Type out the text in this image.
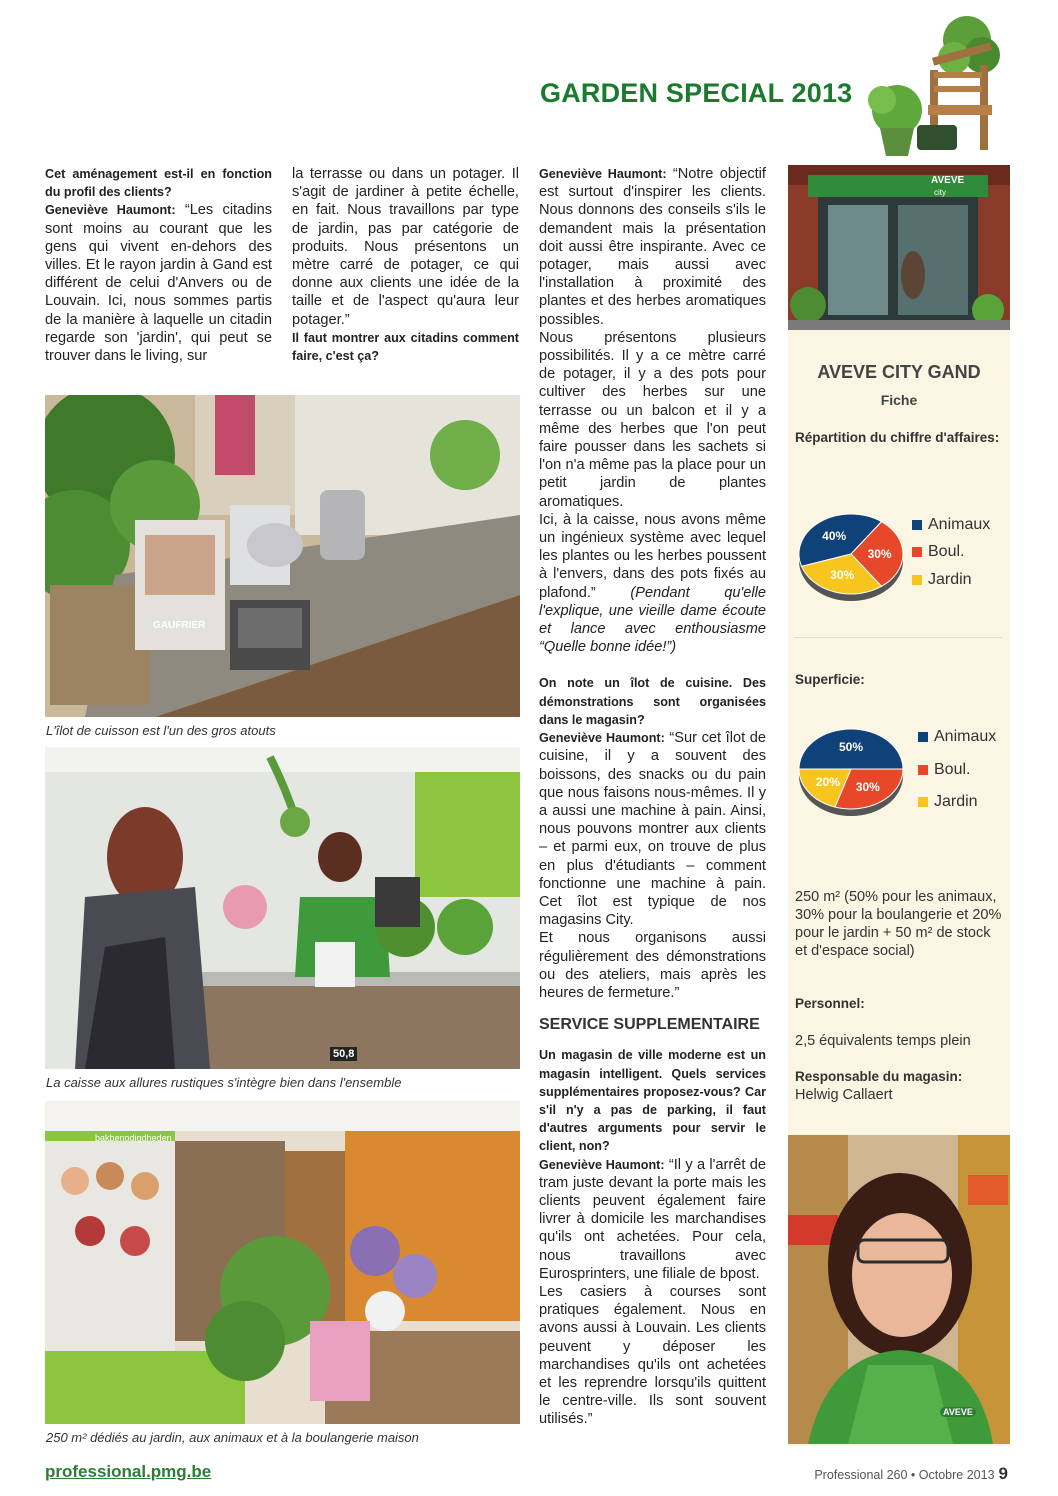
GARDEN SPECIAL 2013

Cet aménagement est-il en fonction du profil des clients?

Geneviève Haumont: “Les citadins sont moins au courant que les gens qui vivent en-dehors des villes. Et le rayon jardin à Gand est différent de celui d'Anvers ou de Louvain. Ici, nous sommes partis de la manière à laquelle un citadin regarde son 'jardin', qui peut se trouver dans le living, sur

la terrasse ou dans un potager. Il s'agit de jardiner à petite échelle, en fait. Nous travaillons par type de jardin, pas par catégorie de produits. Nous présentons un mètre carré de potager, ce qui donne aux clients une idée de la taille et de l'aspect qu'aura leur potager.”

Il faut montrer aux citadins comment faire, c'est ça?

GAUFRIER
L'îlot de cuisson est l'un des gros atouts
50,8
La caisse aux allures rustiques s'intègre bien dans l'ensemble
bakbenodigdheden
250 m² dédiés au jardin, aux animaux et à la boulangerie maison

Geneviève Haumont: “Notre objectif est surtout d'inspirer les clients. Nous donnons des conseils s'ils le demandent mais la présentation doit aussi être inspirante. Avec ce potager, mais aussi avec l'installation à proximité des plantes et des herbes aromatiques possibles.

Nous présentons plusieurs possibilités. Il y a ce mètre carré de potager, il y a des pots pour cultiver des herbes sur une terrasse ou un balcon et il y a même des herbes que l'on peut faire pousser dans les sachets si l'on n'a même pas la place pour un petit jardin de plantes aromatiques.

Ici, à la caisse, nous avons même un ingénieux système avec lequel les plantes ou les herbes poussent à l'envers, dans des pots fixés au plafond.” (Pendant qu'elle l'explique, une vieille dame écoute et lance avec enthousiasme “Quelle bonne idée!”)

On note un îlot de cuisine. Des démonstrations sont organisées dans le magasin?

Geneviève Haumont: “Sur cet îlot de cuisine, il y a souvent des boissons, des snacks ou du pain que nous faisons nous-mêmes. Il y a aussi une machine à pain. Ainsi, nous pouvons montrer aux clients – et parmi eux, on trouve de plus en plus d'étudiants – comment fonctionne une machine à pain. Cet îlot est typique de nos magasins City.

Et nous organisons aussi régulièrement des démonstrations ou des ateliers, mais après les heures de fermeture.”

SERVICE SUPPLEMENTAIRE

Un magasin de ville moderne est un magasin intelligent. Quels services supplémentaires proposez-vous? Car s'il n'y a pas de parking, il faut d'autres arguments pour servir le client, non?

Geneviève Haumont: “Il y a l'arrêt de tram juste devant la porte mais les clients peuvent également faire livrer à domicile les marchandises qu'ils ont achetées. Pour cela, nous travaillons avec Eurosprinters, une filiale de bpost.

Les casiers à courses sont pratiques également. Nous en avons aussi à Louvain. Les clients peuvent y déposer les marchandises qu'ils ont achetées et les reprendre lorsqu'ils quittent le centre-ville. Ils sont souvent utilisés.”

AVEVE
city
AVEVE CITY GAND
Fiche
Répartition du chiffre d'affaires:
40%
30%
30%
Animaux
Boul.
Jardin
Superficie:
50%
30%
20%
Animaux
Boul.
Jardin
250 m² (50% pour les animaux, 30% pour la boulangerie et 20% pour le jardin + 50 m² de stock et d'espace social)
Personnel:
2,5 équivalents temps plein
Responsable du magasin:
Helwig Callaert
AVEVE
professional.pmg.be	Professional 260 • Octobre 2013 9
